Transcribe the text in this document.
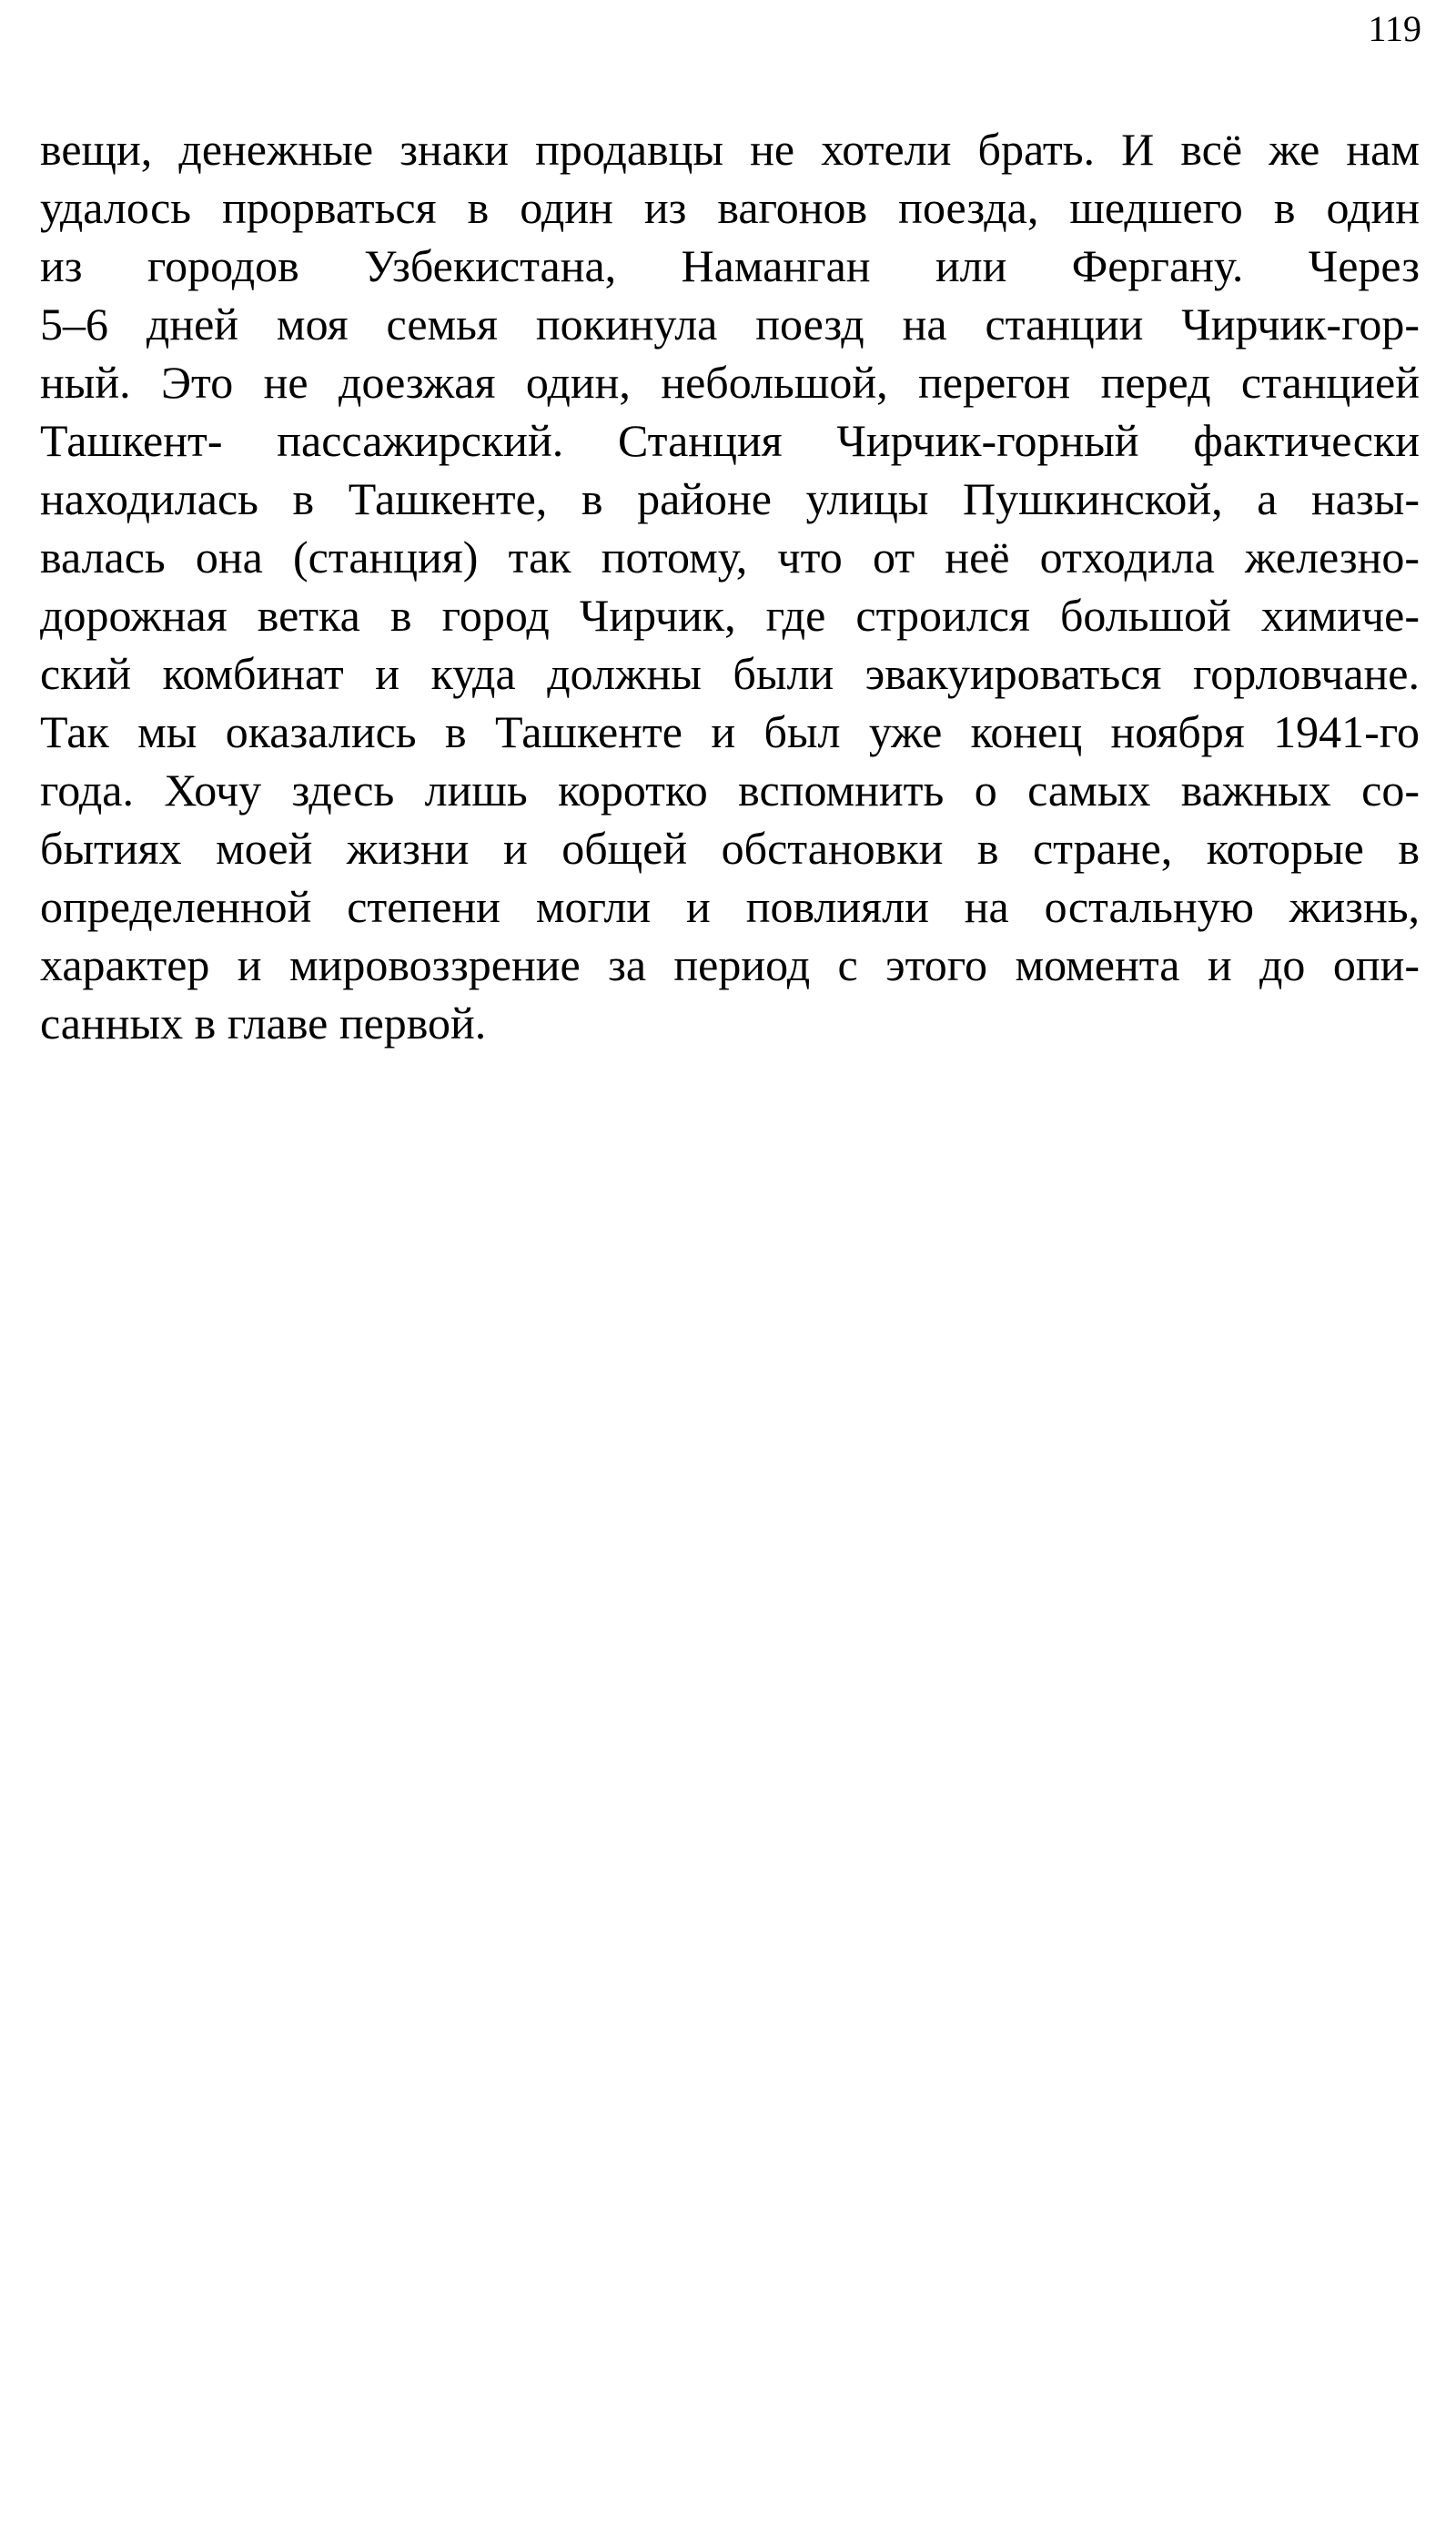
119
вещи, денежные знаки продавцы не хотели брать. И всё же нам
удалось прорваться в один из вагонов поезда, шедшего в один
из городов Узбекистана, Наманган или Фергану. Через
5–6 дней моя семья покинула поезд на станции Чирчик-гор-
ный. Это не доезжая один, небольшой, перегон перед станцией
Ташкент- пассажирский. Станция Чирчик-горный фактически
находилась в Ташкенте, в районе улицы Пушкинской, а назы-
валась она (станция) так потому, что от неё отходила железно-
дорожная ветка в город Чирчик, где строился большой химиче-
ский комбинат и куда должны были эвакуироваться горловчане.
Так мы оказались в Ташкенте и был уже конец ноября 1941-го
года. Хочу здесь лишь коротко вспомнить о самых важных со-
бытиях моей жизни и общей обстановки в стране, которые в
определенной степени могли и повлияли на остальную жизнь,
характер и мировоззрение за период с этого момента и до опи-
санных в главе первой.
